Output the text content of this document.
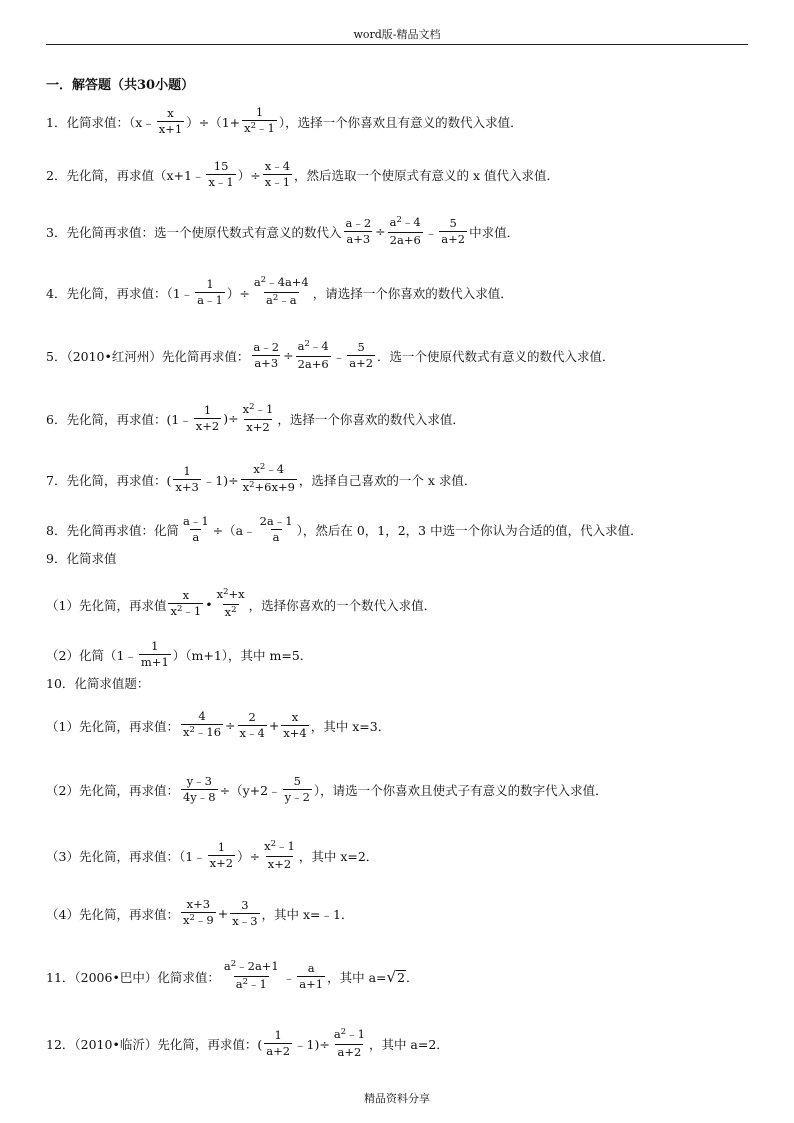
word版-精品文档
一．解答题（共30小题）
1．化简求值：（x﹣ $\frac{x}{x+1} )\div(1+ \frac{1}{x^2﹣1}$ ），选择一个你喜欢且有意义的数代入求值．
2．先化简，再求值（x+1﹣ $\frac{15}{x﹣1}$ ）÷ $\frac{x﹣4}{x﹣1}$ ，然后选取一个使原式有意义的 x 值代入求值．
3．先化简再求值：选一个使原代数式有意义的数代入 $\frac{a﹣2}{a+3} \div \frac{a^2﹣4}{2a+6}$ ﹣ $\frac{5}{a+2}$ 中求值．
4．先化简，再求值：（1﹣ $\frac{1}{a﹣1}$ ）÷ $\frac{a^2﹣4a+4}{a^2﹣a}$ ，请选择一个你喜欢的数代入求值．
5．（2010•红河州）先化简再求值： $\frac{a﹣2}{a+3} \div \frac{a^2﹣4}{2a+6}$ ﹣ $\frac{5}{a+2}$ ．选一个使原代数式有意义的数代入求值．
6．先化简，再求值：(1﹣ $\frac{1}{x+2}$ )÷ $\frac{x^2﹣1}{x+2}$ ，选择一个你喜欢的数代入求值．
7．先化简，再求值：( $\frac{1}{x+3}$ ﹣1)÷ $\frac{x^2﹣4}{x^2+6x+9}$ ，选择自己喜欢的一个 x 求值．
8．先化简再求值：化简 $\frac{a﹣1}{a}$ ÷（a﹣ $\frac{2a﹣1}{a}$ ），然后在 0，1，2，3 中选一个你认为合适的值，代入求值．
9．化简求值
（1）先化简，再求值 $\frac{x}{x^2﹣1}$ • $\frac{x^2+x}{x^2}$ ，选择你喜欢的一个数代入求值．
（2）化简（1﹣ $\frac{1}{m+1} )(m+1)$，其中 m=5．
10．化简求值题：
（1）先化简，再求值： $\frac{4}{x^2﹣16} \div \frac{2}{x﹣4} + \frac{x}{x+4}$ ，其中 x=3．
（2）先化简，再求值： $\frac{y﹣3}{4y﹣8}$ ÷（y+2﹣ $\frac{5}{y﹣2}$ ），请选一个你喜欢且使式子有意义的数字代入求值．
（3）先化简，再求值：（1﹣ $\frac{1}{x+2}$ ）÷ $\frac{x^2﹣1}{x+2}$ ，其中 x=2．
（4）先化简，再求值： $\frac{x+3}{x^2﹣9} + \frac{3}{x﹣3}$ ，其中 x=﹣1．
11．（2006•巴中）化简求值： $\frac{a^2﹣2a+1}{a^2﹣1}$ ﹣ $\frac{a}{a+1}$ ，其中 a= √ 2 ．
12．（2010•临沂）先化简，再求值：( $\frac{1}{a+2}$ ﹣1)÷ $\frac{a^2﹣1}{a+2}$ ，其中 a=2．
精品资料分享
